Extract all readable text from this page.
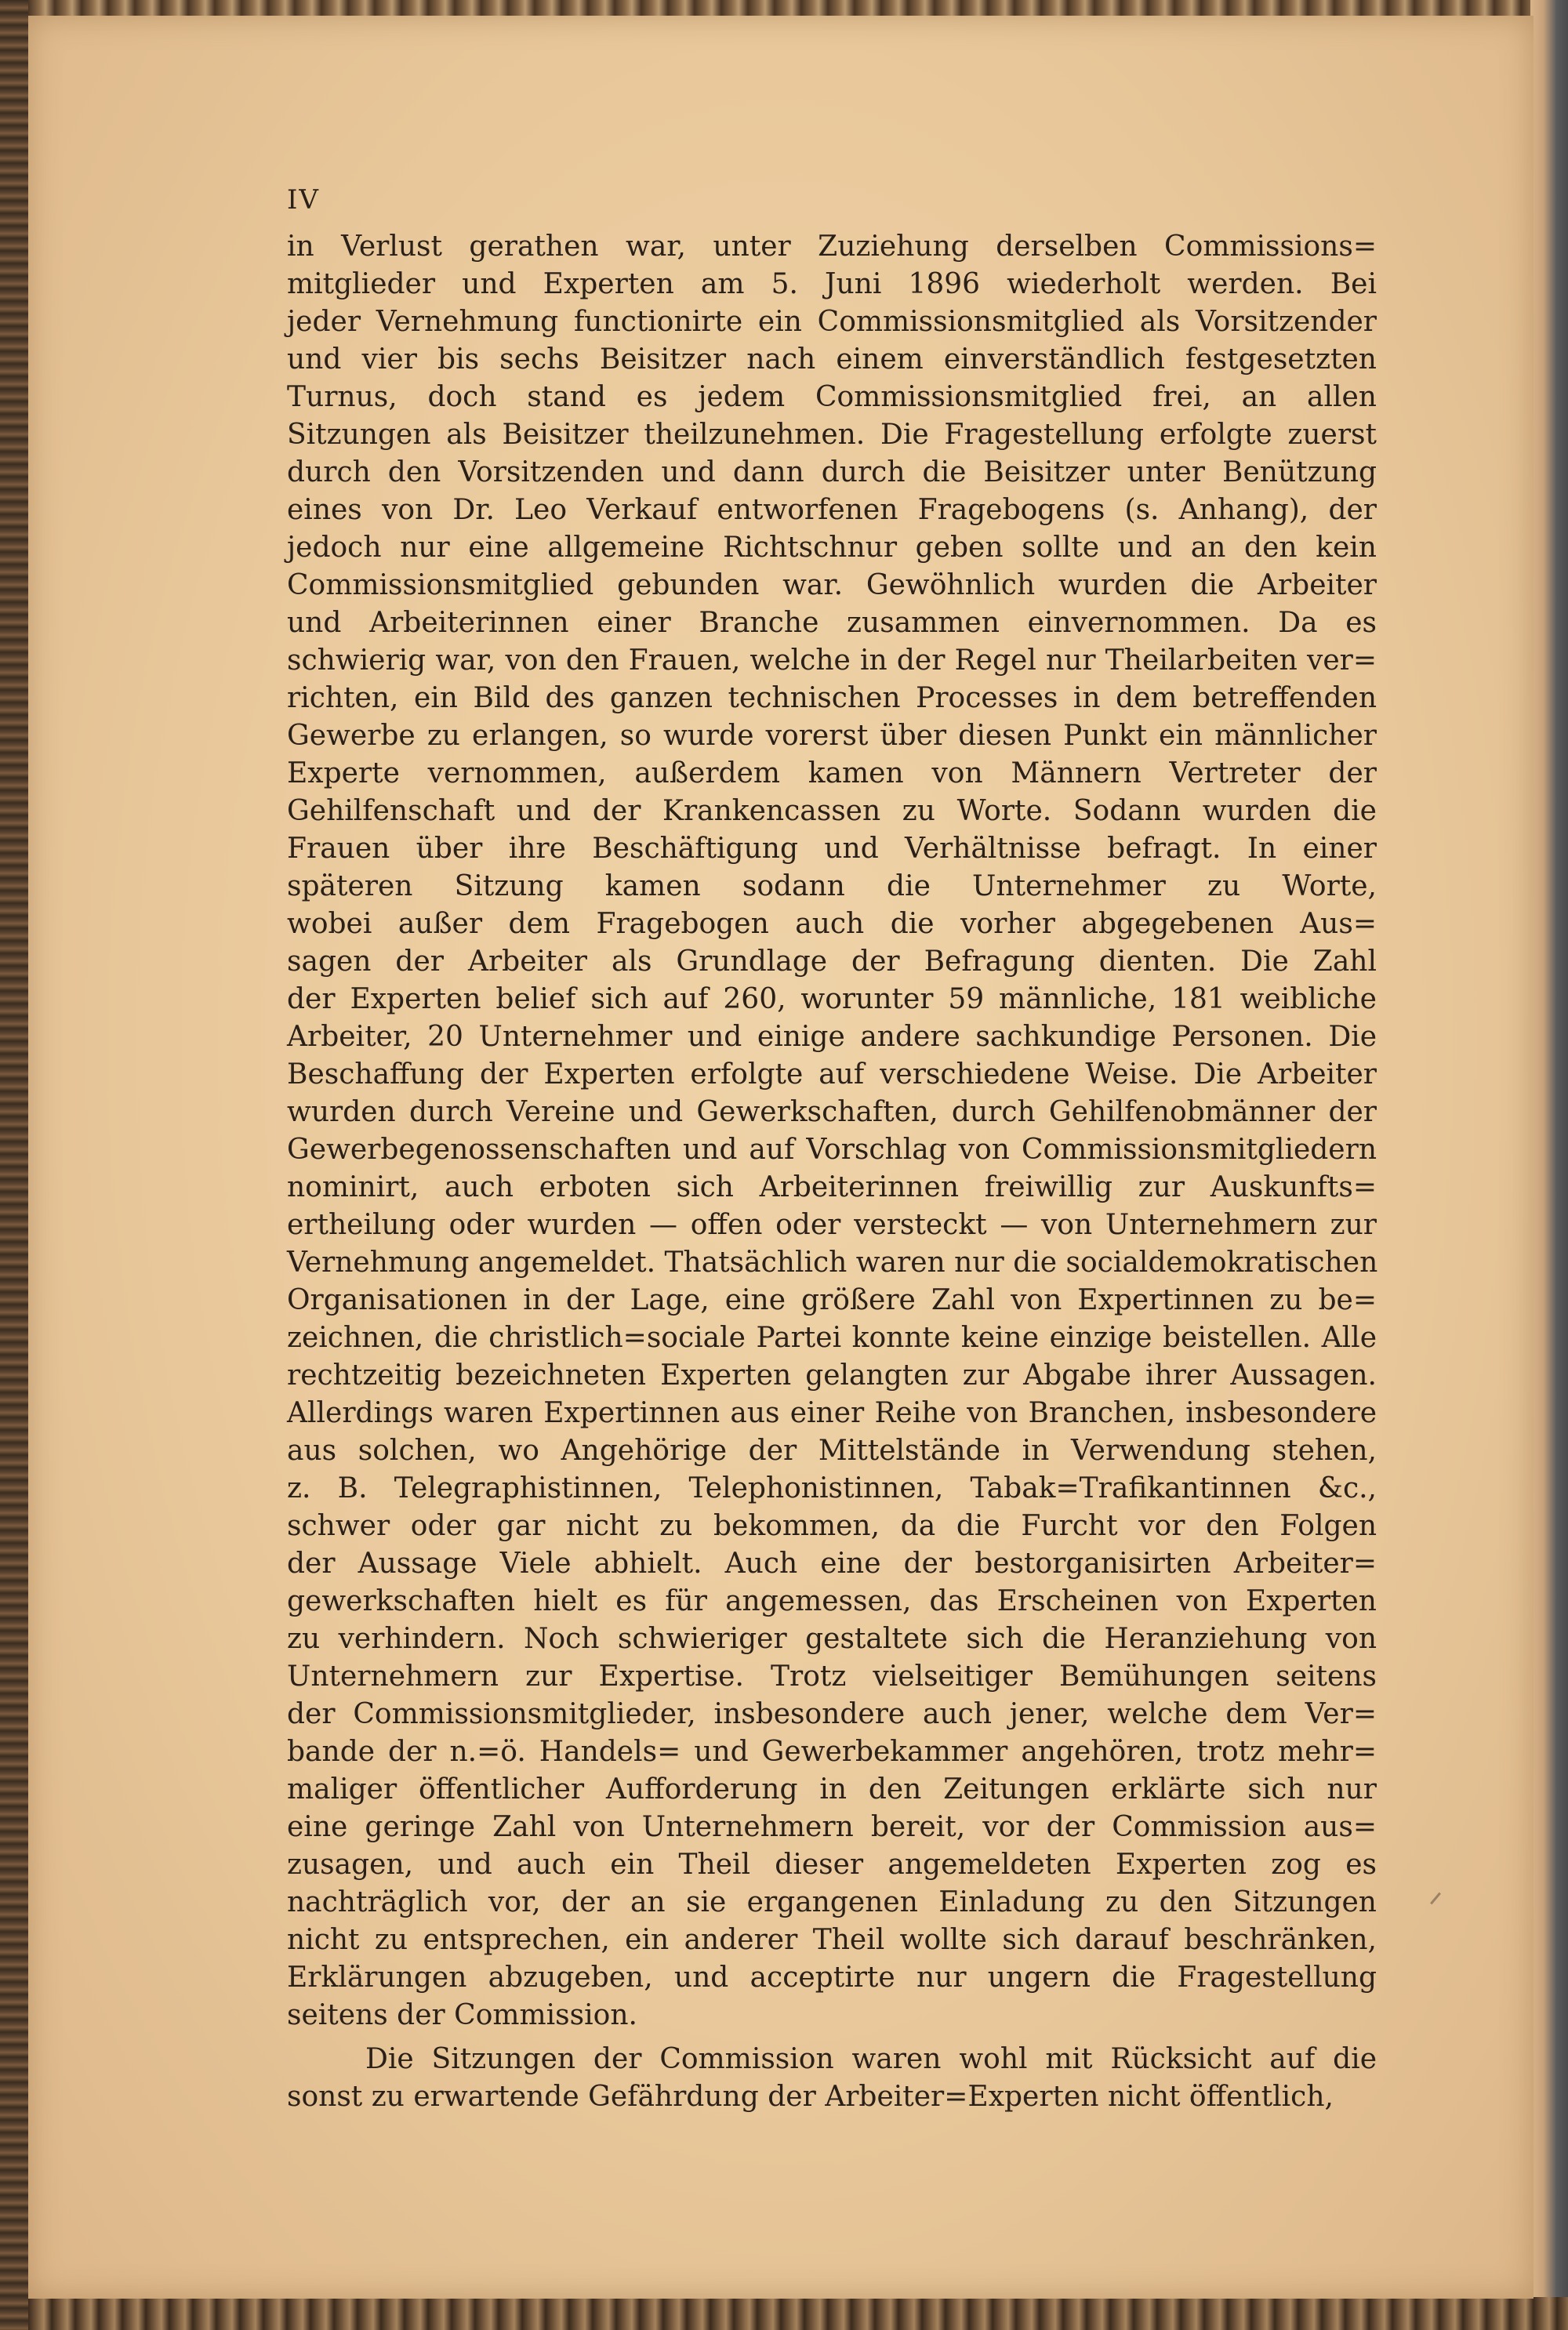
IV
in Verlust gerathen war, unter Zuziehung derselben Commissions=
mitglieder und Experten am 5. Juni 1896 wiederholt werden. Bei
jeder Vernehmung functionirte ein Commissionsmitglied als Vorsitzender
und vier bis sechs Beisitzer nach einem einverständlich festgesetzten
Turnus, doch stand es jedem Commissionsmitglied frei, an allen
Sitzungen als Beisitzer theilzunehmen. Die Fragestellung erfolgte zuerst
durch den Vorsitzenden und dann durch die Beisitzer unter Benützung
eines von Dr. Leo Verkauf entworfenen Fragebogens (s. Anhang), der
jedoch nur eine allgemeine Richtschnur geben sollte und an den kein
Commissionsmitglied gebunden war. Gewöhnlich wurden die Arbeiter
und Arbeiterinnen einer Branche zusammen einvernommen. Da es
schwierig war, von den Frauen, welche in der Regel nur Theilarbeiten ver=
richten, ein Bild des ganzen technischen Processes in dem betreffenden
Gewerbe zu erlangen, so wurde vorerst über diesen Punkt ein männlicher
Experte vernommen, außerdem kamen von Männern Vertreter der
Gehilfenschaft und der Krankencassen zu Worte. Sodann wurden die
Frauen über ihre Beschäftigung und Verhältnisse befragt. In einer
späteren Sitzung kamen sodann die Unternehmer zu Worte,
wobei außer dem Fragebogen auch die vorher abgegebenen Aus=
sagen der Arbeiter als Grundlage der Befragung dienten. Die Zahl
der Experten belief sich auf 260, worunter 59 männliche, 181 weibliche
Arbeiter, 20 Unternehmer und einige andere sachkundige Personen. Die
Beschaffung der Experten erfolgte auf verschiedene Weise. Die Arbeiter
wurden durch Vereine und Gewerkschaften, durch Gehilfenobmänner der
Gewerbegenossenschaften und auf Vorschlag von Commissionsmitgliedern
nominirt, auch erboten sich Arbeiterinnen freiwillig zur Auskunfts=
ertheilung oder wurden — offen oder versteckt — von Unternehmern zur
Vernehmung angemeldet. Thatsächlich waren nur die socialdemokratischen
Organisationen in der Lage, eine größere Zahl von Expertinnen zu be=
zeichnen, die christlich=sociale Partei konnte keine einzige beistellen. Alle
rechtzeitig bezeichneten Experten gelangten zur Abgabe ihrer Aussagen.
Allerdings waren Expertinnen aus einer Reihe von Branchen, insbesondere
aus solchen, wo Angehörige der Mittelstände in Verwendung stehen,
z. B. Telegraphistinnen, Telephonistinnen, Tabak=Trafikantinnen &c.,
schwer oder gar nicht zu bekommen, da die Furcht vor den Folgen
der Aussage Viele abhielt. Auch eine der bestorganisirten Arbeiter=
gewerkschaften hielt es für angemessen, das Erscheinen von Experten
zu verhindern. Noch schwieriger gestaltete sich die Heranziehung von
Unternehmern zur Expertise. Trotz vielseitiger Bemühungen seitens
der Commissionsmitglieder, insbesondere auch jener, welche dem Ver=
bande der n.=ö. Handels= und Gewerbekammer angehören, trotz mehr=
maliger öffentlicher Aufforderung in den Zeitungen erklärte sich nur
eine geringe Zahl von Unternehmern bereit, vor der Commission aus=
zusagen, und auch ein Theil dieser angemeldeten Experten zog es
nachträglich vor, der an sie ergangenen Einladung zu den Sitzungen
nicht zu entsprechen, ein anderer Theil wollte sich darauf beschränken,
Erklärungen abzugeben, und acceptirte nur ungern die Fragestellung
seitens der Commission.
Die Sitzungen der Commission waren wohl mit Rücksicht auf die
sonst zu erwartende Gefährdung der Arbeiter=Experten nicht öffentlich,
